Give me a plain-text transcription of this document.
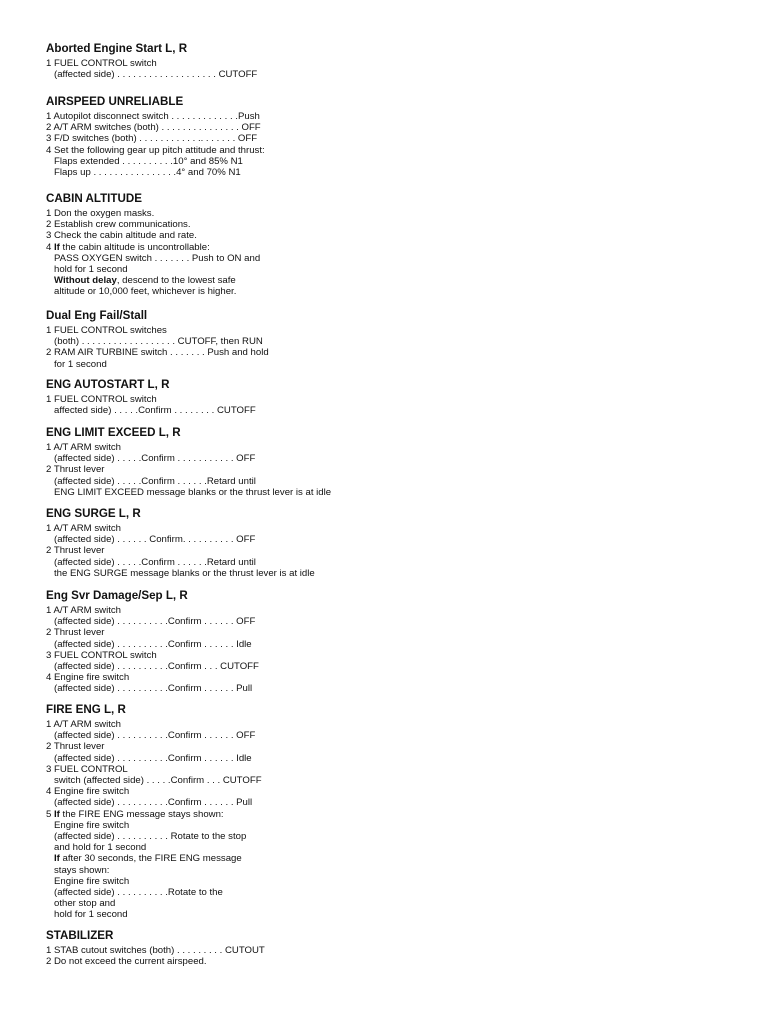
Aborted Engine Start L, R
1 FUEL CONTROL switch
(affected side) . . . . . . . . . . . . . . . . . . . CUTOFF
AIRSPEED UNRELIABLE
1 Autopilot disconnect switch . . . . . . . . . . . . .Push
2 A/T ARM switches (both) . . . . . . . . . . . . . . . OFF
3 F/D switches (both) . . . . . . . . . . . .. . . . . . . OFF
4 Set the following gear up pitch attitude and thrust:
Flaps extended . . . . . . . . . .10° and 85% N1
Flaps up . . . . . . . . . . . . . . . .4° and 70% N1
CABIN ALTITUDE
1 Don the oxygen masks.
2 Establish crew communications.
3 Check the cabin altitude and rate.
4 If the cabin altitude is uncontrollable:
PASS OXYGEN switch . . . . . . . Push to ON and
hold for 1 second
Without delay, descend to the lowest safe
altitude or 10,000 feet, whichever is higher.
Dual Eng Fail/Stall
1 FUEL CONTROL switches
(both) . . . . . . . . . . . . . . . . . . CUTOFF, then RUN
2 RAM AIR TURBINE switch . . . . . . . Push and hold
for 1 second
ENG AUTOSTART L, R
1 FUEL CONTROL switch
affected side) . . . . .Confirm . . . . . . . . CUTOFF
ENG LIMIT EXCEED L, R
1 A/T ARM switch
(affected side) . . . . .Confirm . . . . . . . . . . . OFF
2 Thrust lever
(affected side) . . . . .Confirm . . . . . .Retard until
ENG LIMIT EXCEED message blanks or the thrust lever is at idle
ENG SURGE L, R
1 A/T ARM switch
(affected side) . . . . . . Confirm. . . . . . . . . . OFF
2 Thrust lever
(affected side) . . . . .Confirm . . . . . .Retard until
the ENG SURGE message blanks or the thrust lever is at idle
Eng Svr Damage/Sep L, R
1 A/T ARM switch
(affected side) . . . . . . . . . .Confirm . . . . . . OFF
2 Thrust lever
(affected side) . . . . . . . . . .Confirm . . . . . . Idle
3 FUEL CONTROL switch
(affected side) . . . . . . . . . .Confirm . . . CUTOFF
4 Engine fire switch
(affected side) . . . . . . . . . .Confirm . . . . . . Pull
FIRE ENG L, R
1 A/T ARM switch
(affected side) . . . . . . . . . .Confirm . . . . . . OFF
2 Thrust lever
(affected side) . . . . . . . . . .Confirm . . . . . . Idle
3 FUEL CONTROL
switch (affected side) . . . . .Confirm . . . CUTOFF
4 Engine fire switch
(affected side) . . . . . . . . . .Confirm . . . . . . Pull
5 If the FIRE ENG message stays shown:
Engine fire switch
(affected side) . . . . . . . . . . Rotate to the stop
and hold for 1 second
If after 30 seconds, the FIRE ENG message
stays shown:
Engine fire switch
(affected side) . . . . . . . . . .Rotate to the
other stop and
hold for 1 second
STABILIZER
1 STAB cutout switches (both) . . . . . . . . . CUTOUT
2 Do not exceed the current airspeed.
